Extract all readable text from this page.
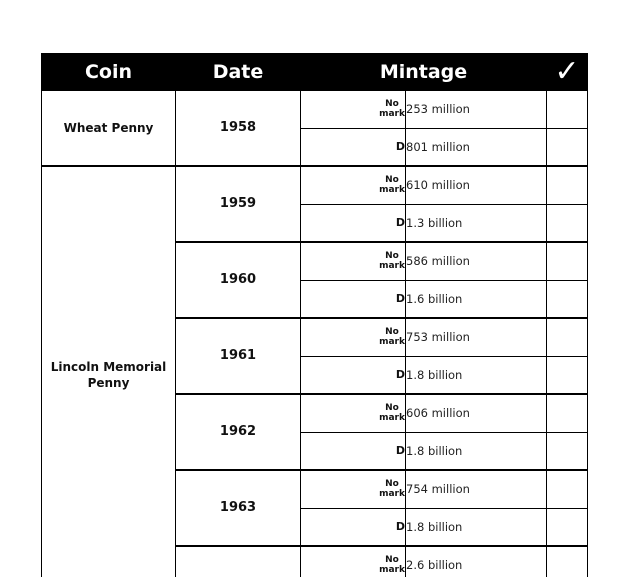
Coin	Date	Mintage		✓
Wheat Penny	1958	No mark	253 million	
		D	801 million	
Lincoln Memorial Penny	1959	No mark	610 million	
		D	1.3 billion	
	1960	No mark	586 million	
		D	1.6 billion	
	1961	No mark	753 million	
		D	1.8 billion	
	1962	No mark	606 million	
		D	1.8 billion	
	1963	No mark	754 million	
		D	1.8 billion	
		No mark	2.6 billion	
